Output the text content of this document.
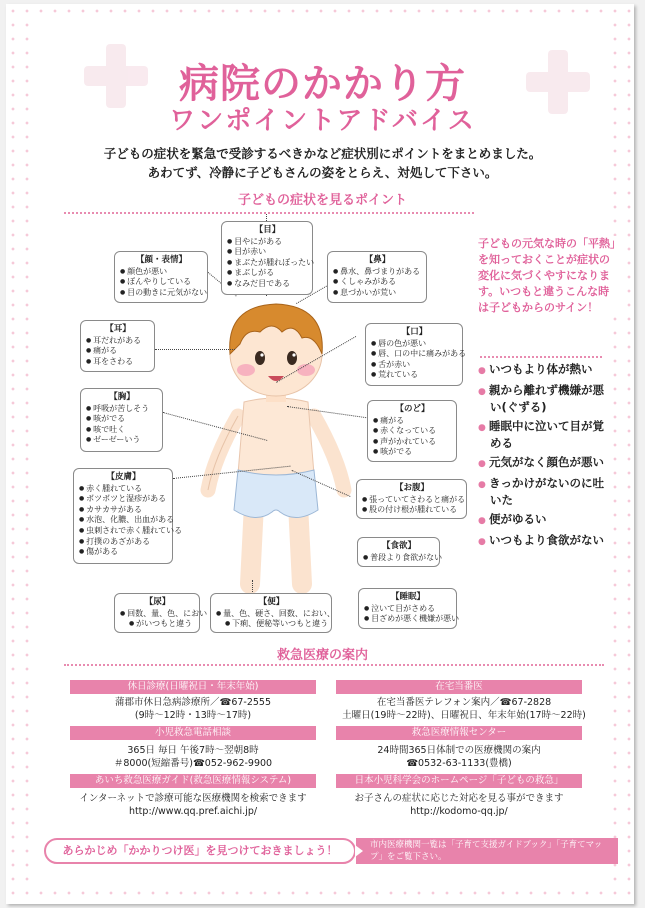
病院のかかり方
ワンポイントアドバイス
子どもの症状を緊急で受診するべきかなど症状別にポイントをまとめました。
あわてず、冷静に子どもさんの姿をとらえ、対処して下さい。
子どもの症状を見るポイント
【目】
● 目やにがある
● 目が赤い
● まぶたが腫れぼったい
● まぶしがる
● なみだ目である
【顔・表情】
● 顔色が悪い
● ぼんやりしている
● 目の動きに元気がない
【鼻】
● 鼻水、鼻づまりがある
● くしゃみがある
● 息づかいが荒い
【耳】
● 耳だれがある
● 痛がる
● 耳をさわる
【口】
● 唇の色が悪い
● 唇、口の中に痛みがある
● 舌が赤い
● 荒れている
【胸】
● 呼吸が苦しそう
● 咳がでる
● 咳で吐く
● ゼーゼーいう
【のど】
● 痛がる
● 赤くなっている
● 声がかれている
● 咳がでる
【皮膚】
● 赤く腫れている
● ボツボツと湿疹がある
● カサカサがある
● 水泡、化膿、出血がある
● 虫刺されで赤く腫れている
● 打撲のあざがある
● 傷がある
【お腹】
● 張っていてさわると痛がる
● 股の付け根が腫れている
【食欲】
● 普段より食欲がない
【尿】
● 回数、量、色、におい
● がいつもと違う
【便】
● 量、色、硬さ、回数、におい、
● 下痢、便秘等いつもと違う
【睡眠】
● 泣いて目がさめる
● 目ざめが悪く機嫌が悪い
子どもの元気な時の「平熱」を知っておくことが症状の変化に気づくやすになります。いつもと違うこんな時は子どもからのサイン！
● いつもより体が熱い
● 親から離れず機嫌が悪い(ぐずる)
● 睡眠中に泣いて目が覚める
● 元気がなく顔色が悪い
● きっかけがないのに吐いた
● 便がゆるい
● いつもより食欲がない
救急医療の案内
休日診療(日曜祝日・年末年始)
蒲郡市休日急病診療所／☎67-2555
(9時～12時・13時～17時)
在宅当番医
在宅当番医テレフォン案内／☎67-2828
土曜日(19時～22時)、日曜祝日、年末年始(17時～22時)
小児救急電話相談
365日 毎日 午後7時～翌朝8時
＃8000(短縮番号)☎052-962-9900
救急医療情報センター
24時間365日体制での医療機関の案内
☎0532-63-1133(豊橋)
あいち救急医療ガイド(救急医療情報システム)
インターネットで診療可能な医療機関を検索できます
http://www.qq.pref.aichi.jp/
日本小児科学会のホームページ「子どもの救急」
お子さんの症状に応じた対応を見る事ができます
http://kodomo-qq.jp/
あらかじめ「かかりつけ医」を見つけておきましょう！	市内医療機関一覧は「子育て支援ガイドブック」「子育てマップ」をご覧下さい。
